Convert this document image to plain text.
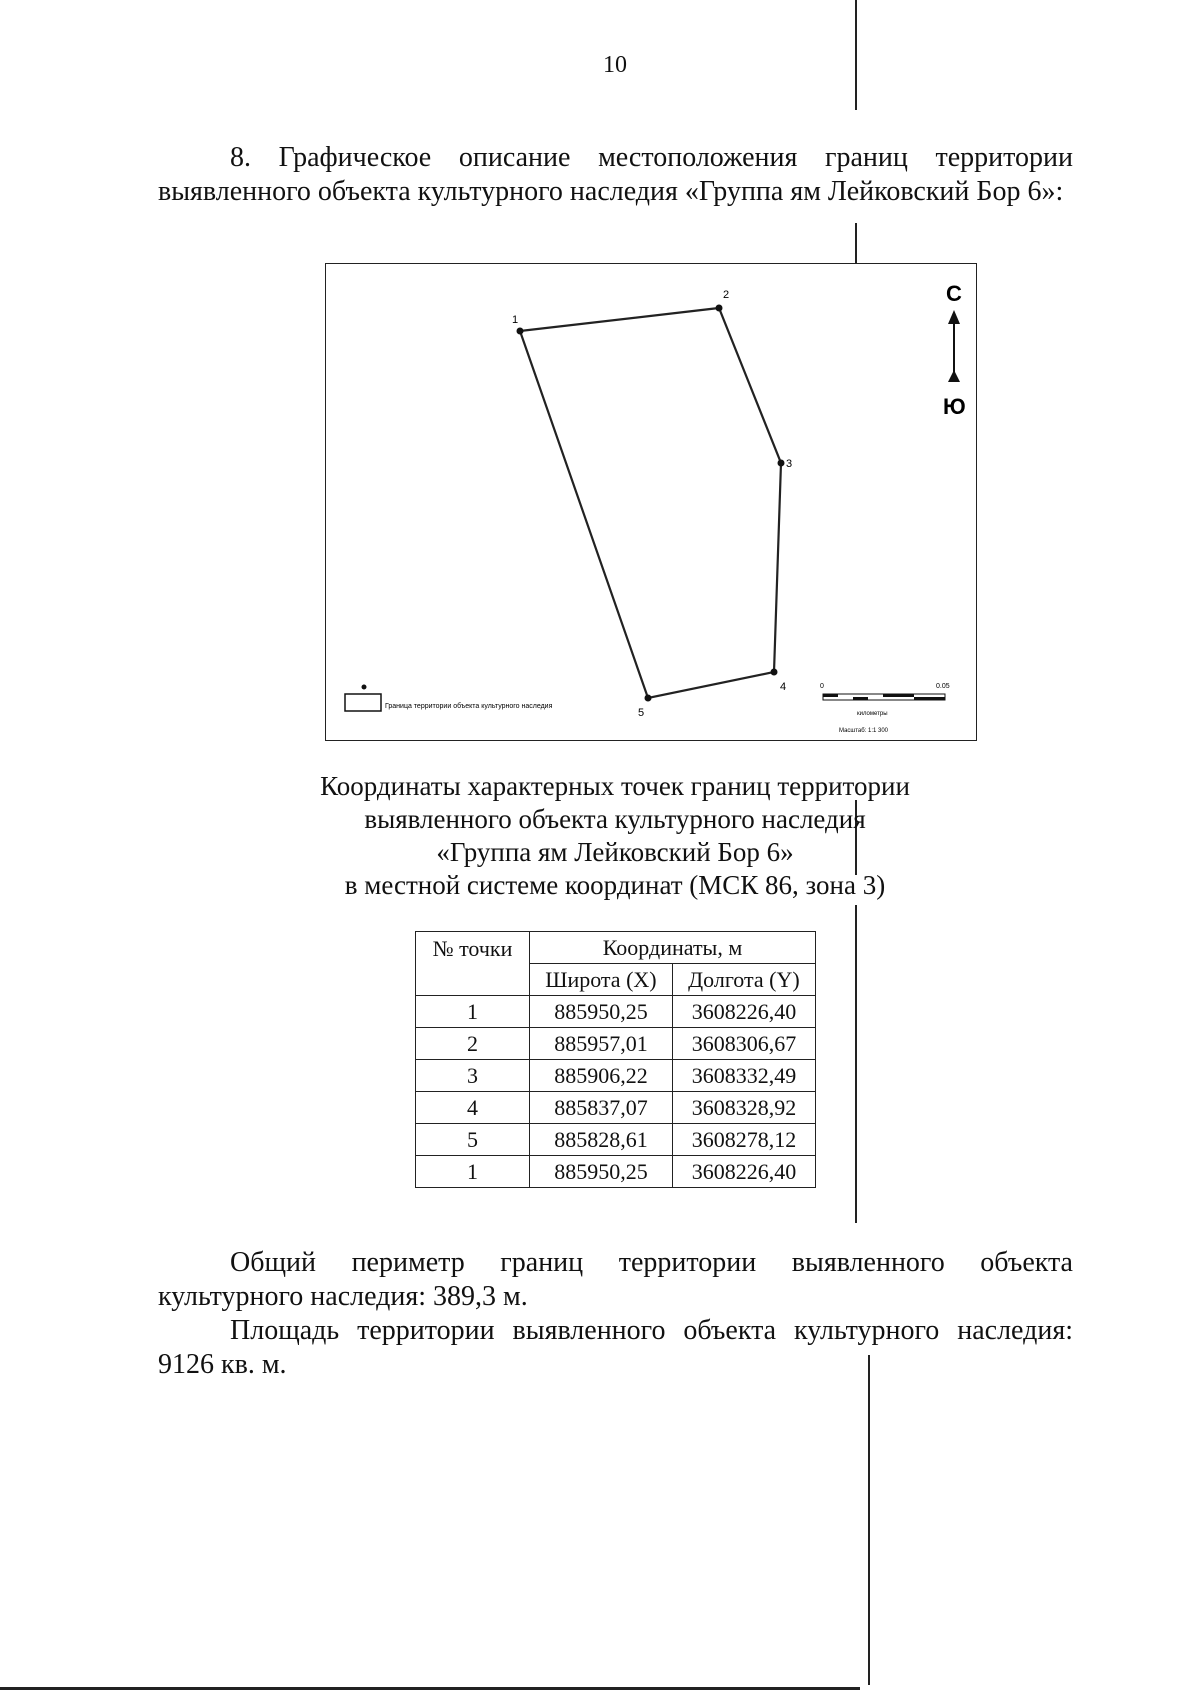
10
8. Графическое описание местоположения границ территории выявленного объекта культурного наследия «Группа ям Лейковский Бор 6»:
1
2
3
4
5
С
Ю
Граница территории объекта культурного наследия
0	0.05
километры
Масштаб: 1:1 300
Координаты характерных точек границ территории
выявленного объекта культурного наследия
«Группа ям Лейковский Бор 6»
в местной системе координат (МСК 86, зона 3)
№ точки	Координаты, м	
	Широта (X)	Долгота (Y)
1	885950,25	3608226,40
2	885957,01	3608306,67
3	885906,22	3608332,49
4	885837,07	3608328,92
5	885828,61	3608278,12
1	885950,25	3608226,40
Общий периметр границ территории выявленного объекта культурного наследия: 389,3 м.
Площадь территории выявленного объекта культурного наследия: 9126 кв. м.
